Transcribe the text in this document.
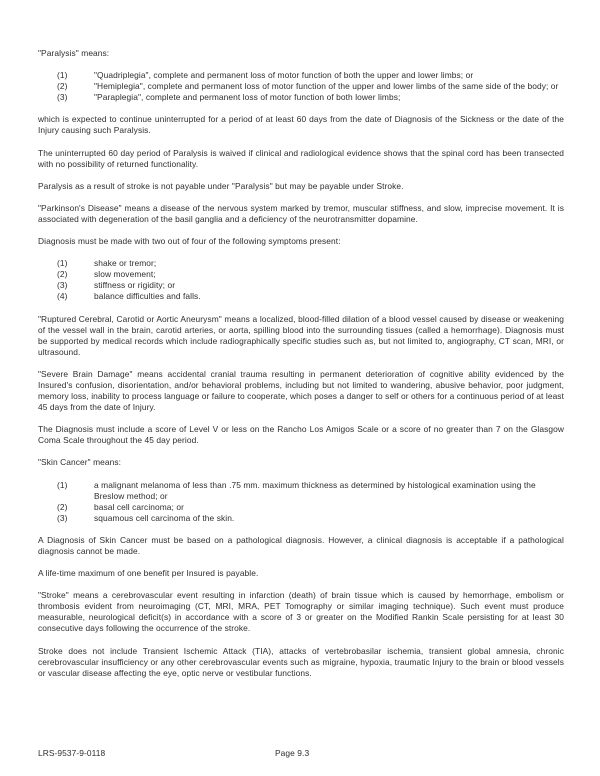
"Paralysis" means:

(1)	"Quadriplegia", complete and permanent loss of motor function of both the upper and lower limbs; or
(2)	"Hemiplegia", complete and permanent loss of motor function of the upper and lower limbs of the same side of the body; or
(3)	"Paraplegia", complete and permanent loss of motor function of both lower limbs;

which is expected to continue uninterrupted for a period of at least 60 days from the date of Diagnosis of the Sickness or the date of the Injury causing such Paralysis.

The uninterrupted 60 day period of Paralysis is waived if clinical and radiological evidence shows that the spinal cord has been transected with no possibility of returned functionality.

Paralysis as a result of stroke is not payable under "Paralysis" but may be payable under Stroke.

"Parkinson's Disease" means a disease of the nervous system marked by tremor, muscular stiffness, and slow, imprecise movement. It is associated with degeneration of the basil ganglia and a deficiency of the neurotransmitter dopamine.

Diagnosis must be made with two out of four of the following symptoms present:

(1)	shake or tremor;
(2)	slow movement;
(3)	stiffness or rigidity; or
(4)	balance difficulties and falls.

"Ruptured Cerebral, Carotid or Aortic Aneurysm" means a localized, blood-filled dilation of a blood vessel caused by disease or weakening of the vessel wall in the brain, carotid arteries, or aorta, spilling blood into the surrounding tissues (called a hemorrhage). Diagnosis must be supported by medical records which include radiographically specific studies such as, but not limited to, angiography, CT scan, MRI, or ultrasound.

"Severe Brain Damage" means accidental cranial trauma resulting in permanent deterioration of cognitive ability evidenced by the Insured's confusion, disorientation, and/or behavioral problems, including but not limited to wandering, abusive behavior, poor judgment, memory loss, inability to process language or failure to cooperate, which poses a danger to self or others for a continuous period of at least 45 days from the date of Injury.

The Diagnosis must include a score of Level V or less on the Rancho Los Amigos Scale or a score of no greater than 7 on the Glasgow Coma Scale throughout the 45 day period.

"Skin Cancer" means:

(1)	a malignant melanoma of less than .75 mm. maximum thickness as determined by histological examination using the Breslow method; or
(2)	basal cell carcinoma; or
(3)	squamous cell carcinoma of the skin.

A Diagnosis of Skin Cancer must be based on a pathological diagnosis. However, a clinical diagnosis is acceptable if a pathological diagnosis cannot be made.

A life-time maximum of one benefit per Insured is payable.

"Stroke" means a cerebrovascular event resulting in infarction (death) of brain tissue which is caused by hemorrhage, embolism or thrombosis evident from neuroimaging (CT, MRI, MRA, PET Tomography or similar imaging technique). Such event must produce measurable, neurological deficit(s) in accordance with a score of 3 or greater on the Modified Rankin Scale persisting for at least 30 consecutive days following the occurrence of the stroke.

Stroke does not include Transient Ischemic Attack (TIA), attacks of vertebrobasilar ischemia, transient global amnesia, chronic cerebrovascular insufficiency or any other cerebrovascular events such as migraine, hypoxia, traumatic Injury to the brain or blood vessels or vascular disease affecting the eye, optic nerve or vestibular functions.

LRS-9537-9-0118	Page 9.3
